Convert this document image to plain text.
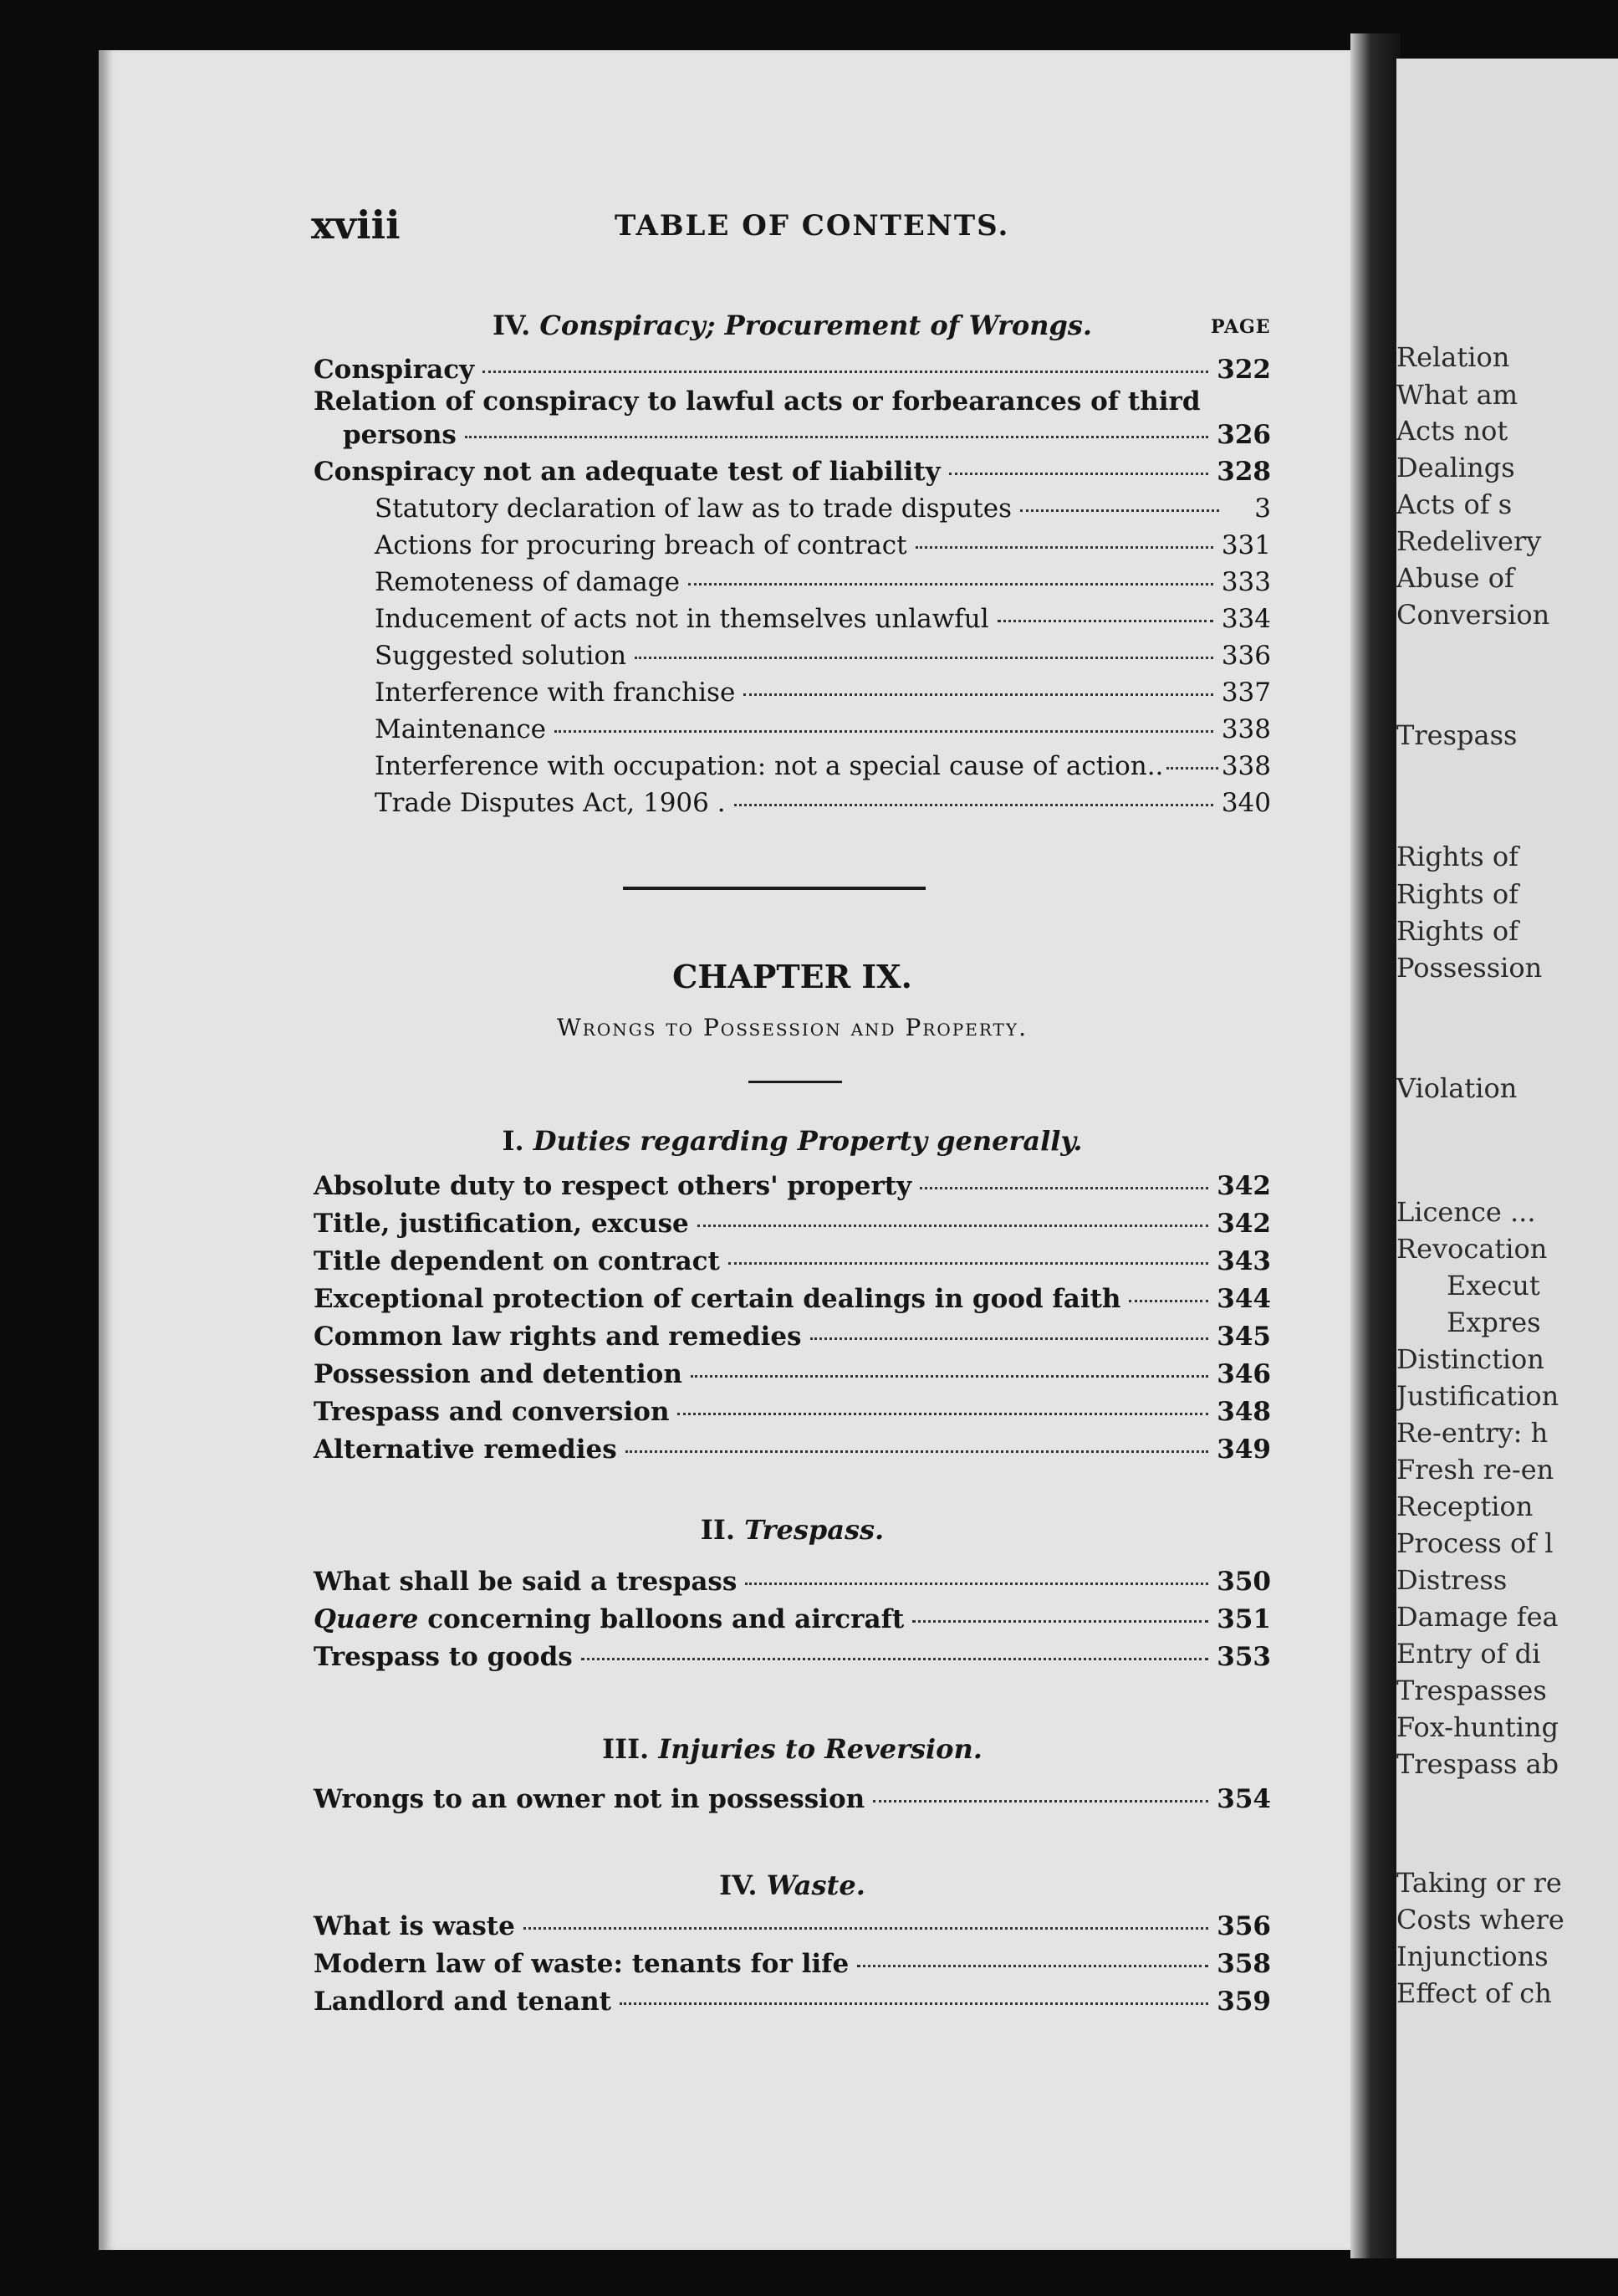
Relation
What am
Acts not
Dealings
Acts of s
Redelivery
Abuse of
Conversion
Trespass
Rights of
Rights of
Rights of
Possession
Violation
Licence ...
Revocation
Execut
Expres
Distinction
Justification
Re-entry: h
Fresh re-en
Reception
Process of l
Distress
Damage fea
Entry of di
Trespasses
Fox-hunting
Trespass ab
Taking or re
Costs where
Injunctions
Effect of ch
xviii	TABLE OF CONTENTS.
IV. Conspiracy; Procurement of Wrongs.	PAGE
Conspiracy	322
Relation of conspiracy to lawful acts or forbearances of third
persons	326
Conspiracy not an adequate test of liability	328
Statutory declaration of law as to trade disputes	3
Actions for procuring breach of contract	331
Remoteness of damage	333
Inducement of acts not in themselves unlawful	334
Suggested solution	336
Interference with franchise	337
Maintenance	338
Interference with occupation: not a special cause of action.. 338
Trade Disputes Act, 1906 .	340
CHAPTER IX.
Wrongs to Possession and Property.
I. Duties regarding Property generally.
Absolute duty to respect others' property	342
Title, justification, excuse	342
Title dependent on contract	343
Exceptional protection of certain dealings in good faith	344
Common law rights and remedies	345
Possession and detention	346
Trespass and conversion	348
Alternative remedies	349
II. Trespass.
What shall be said a trespass	350
Quaere concerning balloons and aircraft	351
Trespass to goods	353
III. Injuries to Reversion.
Wrongs to an owner not in possession	354
IV. Waste.
What is waste	356
Modern law of waste: tenants for life	358
Landlord and tenant	359
